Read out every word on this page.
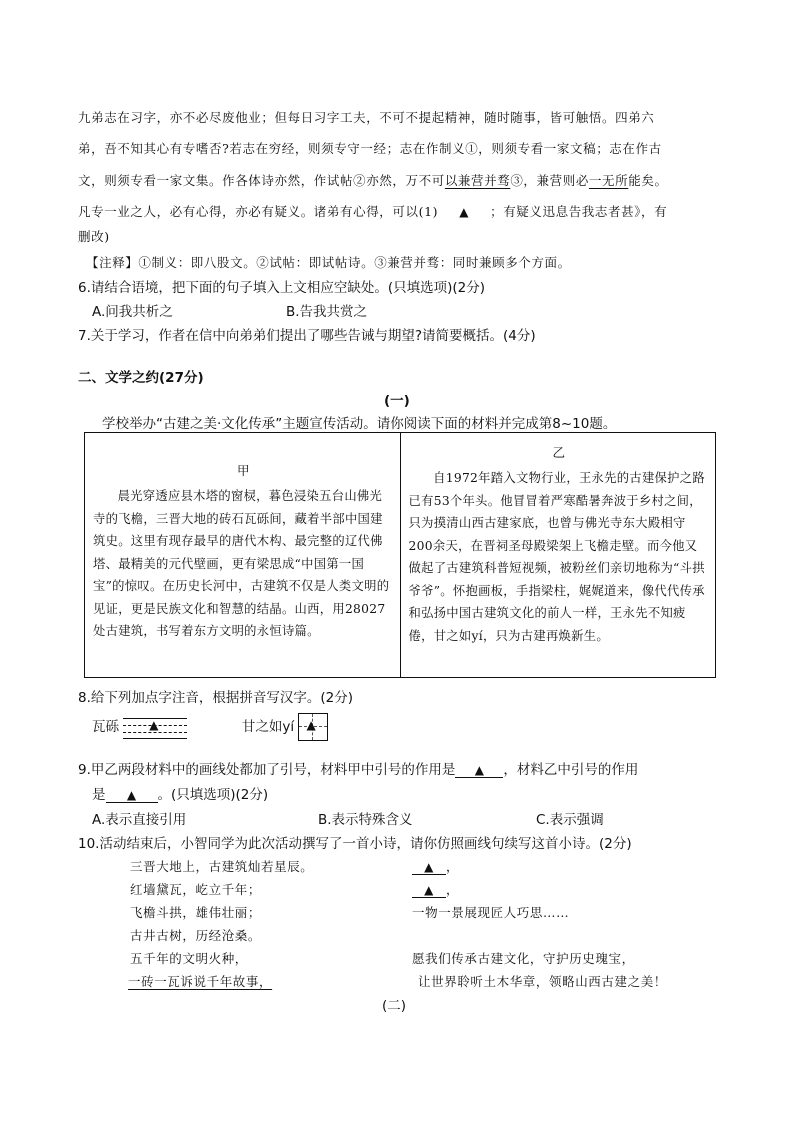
九弟志在习字，亦不必尽废他业；但每日习字工夫，不可不提起精神，随时随事，皆可触悟。四弟六
弟，吾不知其心有专嗜否?若志在穷经，则须专守一经；志在作制义①，则须专看一家文稿；志在作古
文，则须专看一家文集。作各体诗亦然，作试帖②亦然，万不可以兼营并骛③，兼营则必一无所能矣。
凡专一业之人，必有心得，亦必有疑义。诸弟有心得，可以(1) ▲ ；有疑义迅息告我志者甚》，有
删改)
【注释】①制义：即八股文。②试帖：即试帖诗。③兼营并骛：同时兼顾多个方面。
6.请结合语境，把下面的句子填入上文相应空缺处。(只填选项)(2分)
A.问我共析之	B.告我共赏之
7.关于学习，作者在信中向弟弟们提出了哪些告诫与期望?请简要概括。(4分)
二、文学之约(27分)
(一)
学校举办“古建之美·文化传承”主题宣传活动。请你阅读下面的材料并完成第8~10题。
甲

晨光穿透应县木塔的窗棂，暮色浸染五台山佛光寺的飞檐，三晋大地的砖石瓦砾间，藏着半部中国建筑史。这里有现存最早的唐代木构、最完整的辽代佛塔、最精美的元代壁画，更有梁思成“中国第一国宝”的惊叹。在历史长河中，古建筑不仅是人类文明的见证，更是民族文化和智慧的结晶。山西，用2802​7处古建筑，书写着东方文明的永恒诗篇。

乙

自1972年踏入文物行业，王永先的古建保护之路已有53个年头。他冒冒着严寒酷暑奔波于乡村之间，只为摸清山西古建家底，也曾与佛光寺东大殿相守200余天，在晋祠圣母殿梁架上飞檐走壁。而今他又做起了古建筑科普短视频，被粉丝们亲切地称为“斗拱爷爷”。怀抱画板，手指梁柱，娓娓道来，像代代传承和弘扬中国古建筑文化的前人一样，王永先不知疲倦，甘之如yí，只为古建再焕新生。

8.给下列加点字注音，根据拼音写汉字。(2分)
瓦砾	▲	甘之如yí ▲
9.甲乙两段材料中的画线处都加了引号，材料甲中引号的作用是 ▲ ，材料乙中引号的作用
是 ▲ 。(只填选项)(2分)
A.表示直接引用	B.表示特殊含义	C.表示强调
10.活动结束后，小智同学为此次活动撰写了一首小诗，请你仿照画线句续写这首小诗。(2分)
三晋大地上，古建筑灿若星辰。
红墙黛瓦，屹立千年；
飞檐斗拱，雄伟壮丽；
古井古树，历经沧桑。
五千年的文明火种，
一砖一瓦诉说千年故事，
▲ ，
▲ ，
一物一景展现匠人巧思……
愿我们传承古建文化，守护历史瑰宝，
让世界聆听土木华章，领略山西古建之美！
(二)
